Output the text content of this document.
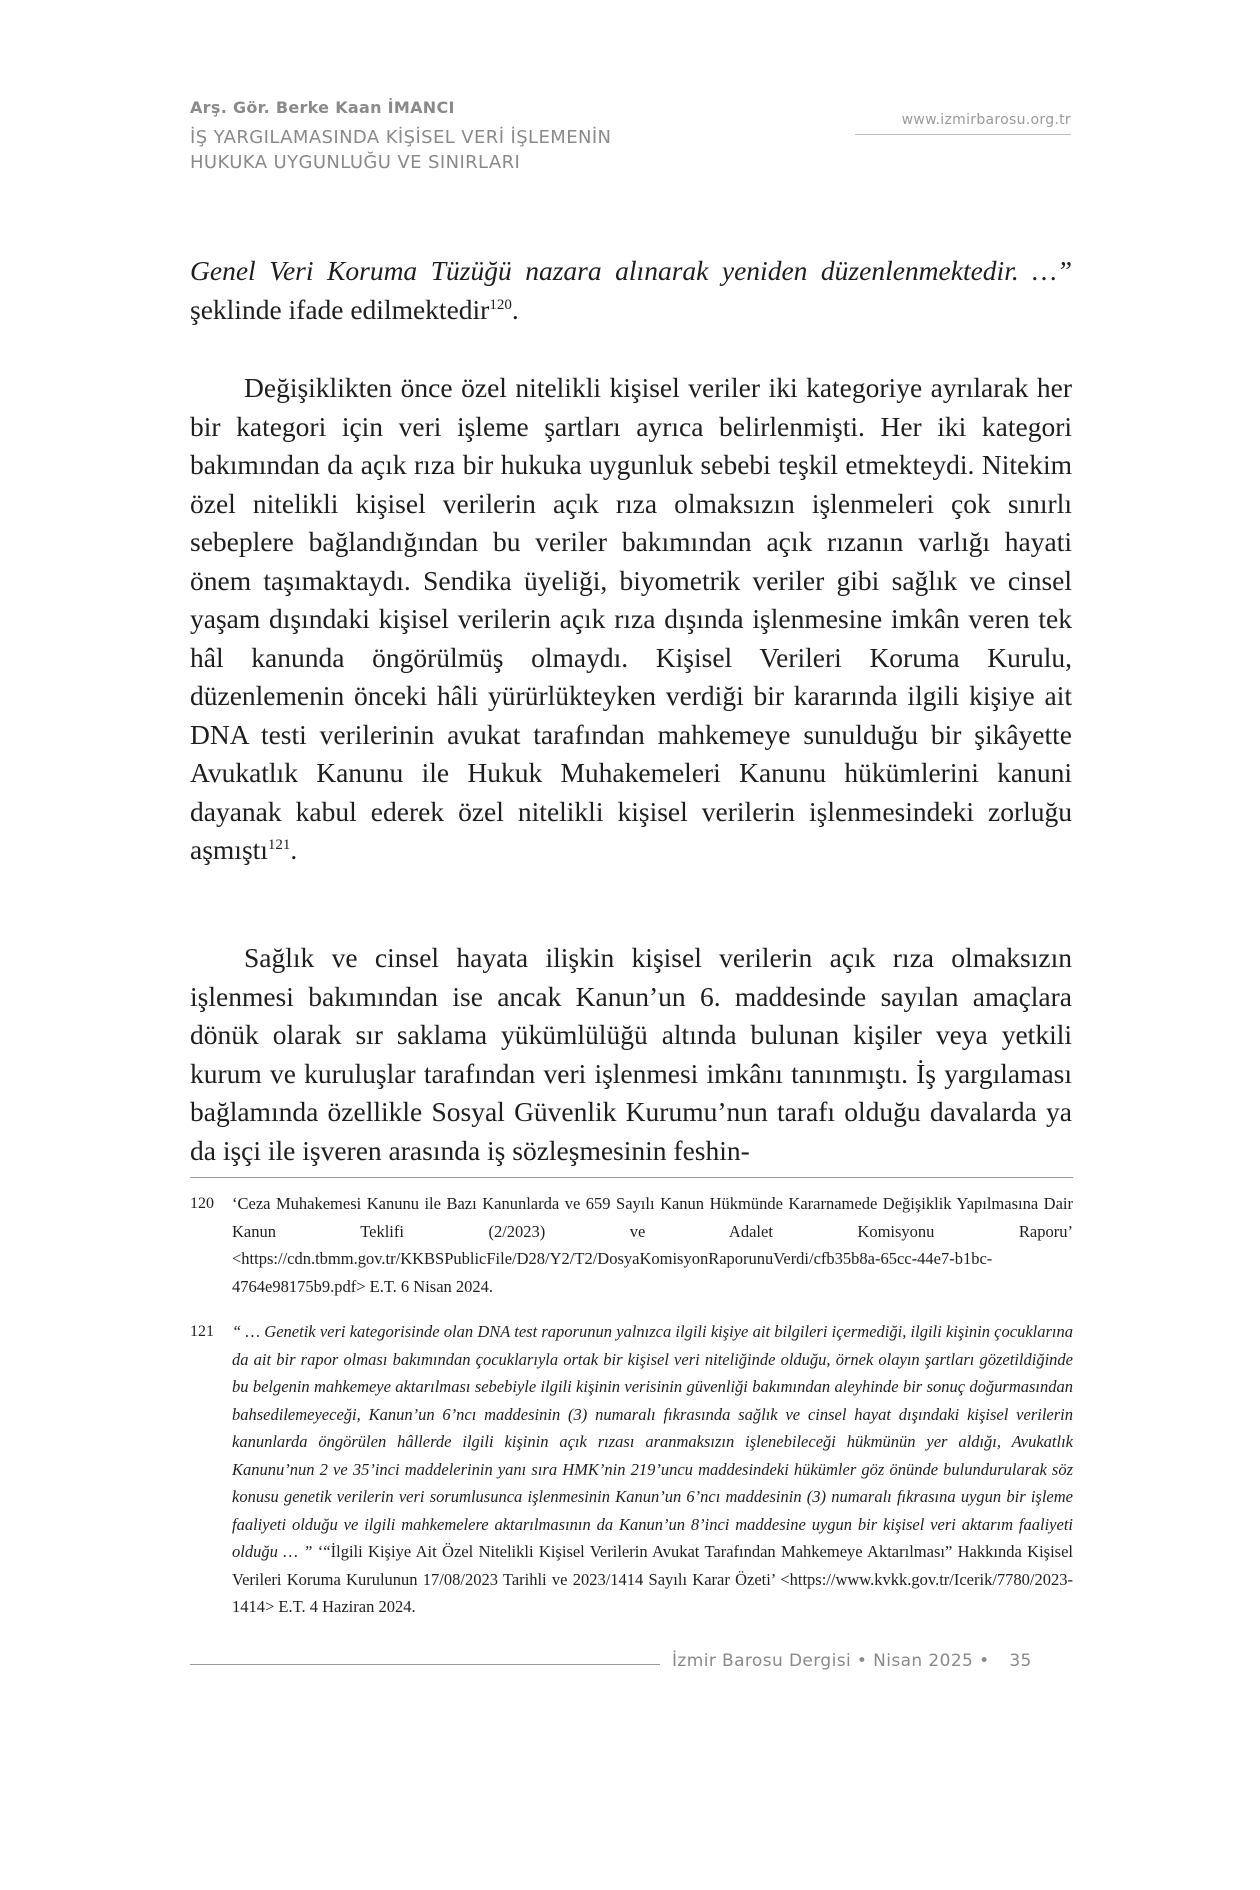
Arş. Gör. Berke Kaan İMANCI
İŞ YARGILAMASINDA KİŞİSEL VERİ İŞLEMENİN
HUKUKA UYGUNLUĞU VE SINIRLARI
www.izmirbarosu.org.tr

Genel Veri Koruma Tüzüğü nazara alınarak yeniden düzenlenmektedir. …” şeklinde ifade edilmektedir$^{120}$.

Değişiklikten önce özel nitelikli kişisel veriler iki kategoriye ayrılarak her bir kategori için veri işleme şartları ayrıca belirlenmişti. Her iki kategori bakımından da açık rıza bir hukuka uygunluk sebebi teşkil etmekteydi. Nitekim özel nitelikli kişisel verilerin açık rıza olmaksızın işlenmeleri çok sınırlı sebeplere bağlandığından bu veriler bakımından açık rızanın varlığı hayati önem taşımaktaydı. Sendika üyeliği, biyometrik veriler gibi sağlık ve cinsel yaşam dışındaki kişisel verilerin açık rıza dışında işlenmesine imkân veren tek hâl kanunda öngörülmüş olmaydı. Kişisel Verileri Koruma Kurulu, düzenlemenin önceki hâli yürürlükteyken verdiği bir kararında ilgili kişiye ait DNA testi verilerinin avukat tarafından mahkemeye sunulduğu bir şikâyette Avukatlık Kanunu ile Hukuk Muhakemeleri Kanunu hükümlerini kanuni dayanak kabul ederek özel nitelikli kişisel verilerin işlenmesindeki zorluğu aşmıştı$^{121}$.

Sağlık ve cinsel hayata ilişkin kişisel verilerin açık rıza olmaksızın işlenmesi bakımından ise ancak Kanun’un 6. maddesinde sayılan amaçlara dönük olarak sır saklama yükümlülüğü altında bulunan kişiler veya yetkili kurum ve kuruluşlar tarafından veri işlenmesi imkânı tanınmıştı. İş yargılaması bağlamında özellikle Sosyal Güvenlik Kurumu’nun tarafı olduğu davalarda ya da işçi ile işveren arasında iş sözleşmesinin feshin-

120 ‘Ceza Muhakemesi Kanunu ile Bazı Kanunlarda ve 659 Sayılı Kanun Hükmünde Kararnamede Değişiklik Yapılmasına Dair Kanun Teklifi (2/2023) ve Adalet Komisyonu Raporu’ <https://cdn.tbmm.gov.tr/KKBSPublicFile/D28/Y2/T2/DosyaKomisyonRaporunuVerdi/cfb35b8a-65cc-44e7-b1bc-4764e98175b9.pdf> E.T. 6 Nisan 2024.
121 “ … Genetik veri kategorisinde olan DNA test raporunun yalnızca ilgili kişiye ait bilgileri içermediği, ilgili kişinin çocuklarına da ait bir rapor olması bakımından çocuklarıyla ortak bir kişisel veri niteliğinde olduğu, örnek olayın şartları gözetildiğinde bu belgenin mahkemeye aktarılması sebebiyle ilgili kişinin verisinin güvenliği bakımından aleyhinde bir sonuç doğurmasından bahsedilemeyeceği, Kanun’un 6’ncı maddesinin (3) numaralı fıkrasında sağlık ve cinsel hayat dışındaki kişisel verilerin kanunlarda öngörülen hâllerde ilgili kişinin açık rızası aranmaksızın işlenebileceği hükmünün yer aldığı, Avukatlık Kanunu’nun 2 ve 35’inci maddelerinin yanı sıra HMK’nin 219’uncu maddesindeki hükümler göz önünde bulundurularak söz konusu genetik verilerin veri sorumlusunca işlenmesinin Kanun’un 6’ncı maddesinin (3) numaralı fıkrasına uygun bir işleme faaliyeti olduğu ve ilgili mahkemelere aktarılmasının da Kanun’un 8’inci maddesine uygun bir kişisel veri aktarım faaliyeti olduğu … ” ‘“İlgili Kişiye Ait Özel Nitelikli Kişisel Verilerin Avukat Tarafından Mahkemeye Aktarılması” Hakkında Kişisel Verileri Koruma Kurulunun 17/08/2023 Tarihli ve 2023/1414 Sayılı Karar Özeti’ <https://www.kvkk.gov.tr/Icerik/7780/2023-1414> E.T. 4 Haziran 2024.
İzmir Barosu Dergisi • Nisan 2025 • 35
